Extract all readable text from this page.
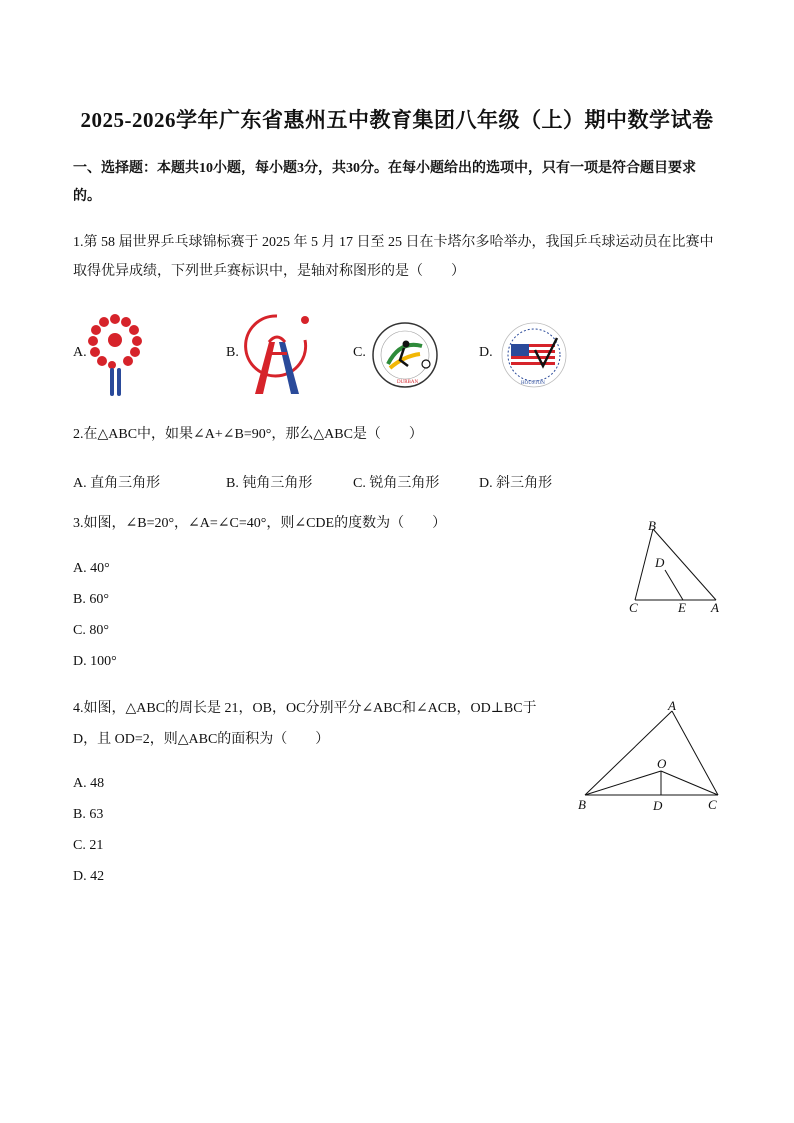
2025-2026学年广东省惠州五中教育集团八年级（上）期中数学试卷
一、选择题：本题共10小题，每小题3分，共30分。在每小题给出的选项中，只有一项是符合题目要求
的。
1.第 58 届世界乒乓球锦标赛于 2025 年 5 月 17 日至 25 日在卡塔尔多哈举办，我国乒乓球运动员在比赛中
取得优异成绩，下列世乒赛标识中，是轴对称图形的是（　　）
A.	B.	C.
DURBAN
D.
HOUSTON
2.在△ABC中，如果∠A+∠B=90°，那么△ABC是（　　）
A. 直角三角形	B. 钝角三角形	C. 锐角三角形	D. 斜三角形
3.如图，∠B=20°，∠A=∠C=40°，则∠CDE的度数为（　　）
A. 40°
B. 60°
C. 80°
D. 100°
B
D
C	E A
4.如图，△ABC的周长是 21，OB，OC分别平分∠ABC和∠ACB，OD⊥BC于
D，且 OD=2，则△ABC的面积为（　　）
A. 48
B. 63
C. 21
D. 42
A
O
B	D	C
